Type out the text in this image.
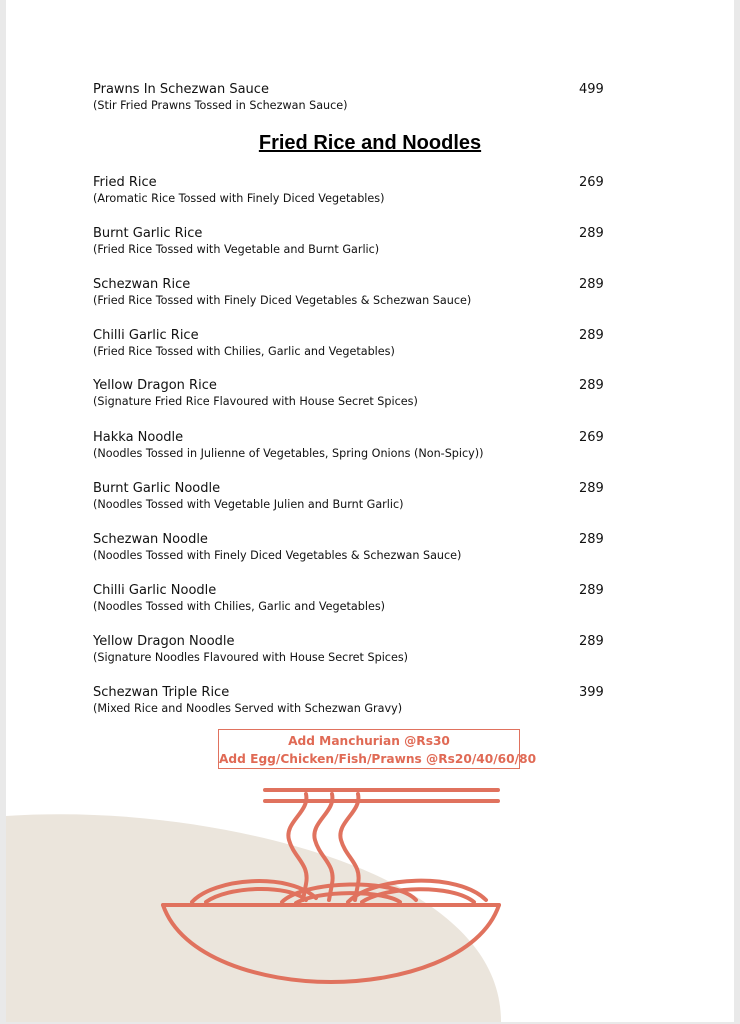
Prawns In Schezwan Sauce
(Stir Fried Prawns Tossed in Schezwan Sauce)
499
Fried Rice and Noodles
Fried Rice
(Aromatic Rice Tossed with Finely Diced Vegetables)
269
Burnt Garlic Rice
(Fried Rice Tossed with Vegetable and Burnt Garlic)
289
Schezwan Rice
(Fried Rice Tossed with Finely Diced Vegetables & Schezwan Sauce)
289
Chilli Garlic Rice
(Fried Rice Tossed with Chilies, Garlic and Vegetables)
289
Yellow Dragon Rice
(Signature Fried Rice Flavoured with House Secret Spices)
289
Hakka Noodle
(Noodles Tossed in Julienne of Vegetables, Spring Onions (Non-Spicy))
269
Burnt Garlic Noodle
(Noodles Tossed with Vegetable Julien and Burnt Garlic)
289
Schezwan Noodle
(Noodles Tossed with Finely Diced Vegetables & Schezwan Sauce)
289
Chilli Garlic Noodle
(Noodles Tossed with Chilies, Garlic and Vegetables)
289
Yellow Dragon Noodle
(Signature Noodles Flavoured with House Secret Spices)
289
Schezwan Triple Rice
(Mixed Rice and Noodles Served with Schezwan Gravy)
399
Add Manchurian @Rs30
Add Egg/Chicken/Fish/Prawns @Rs20/40/60/80
